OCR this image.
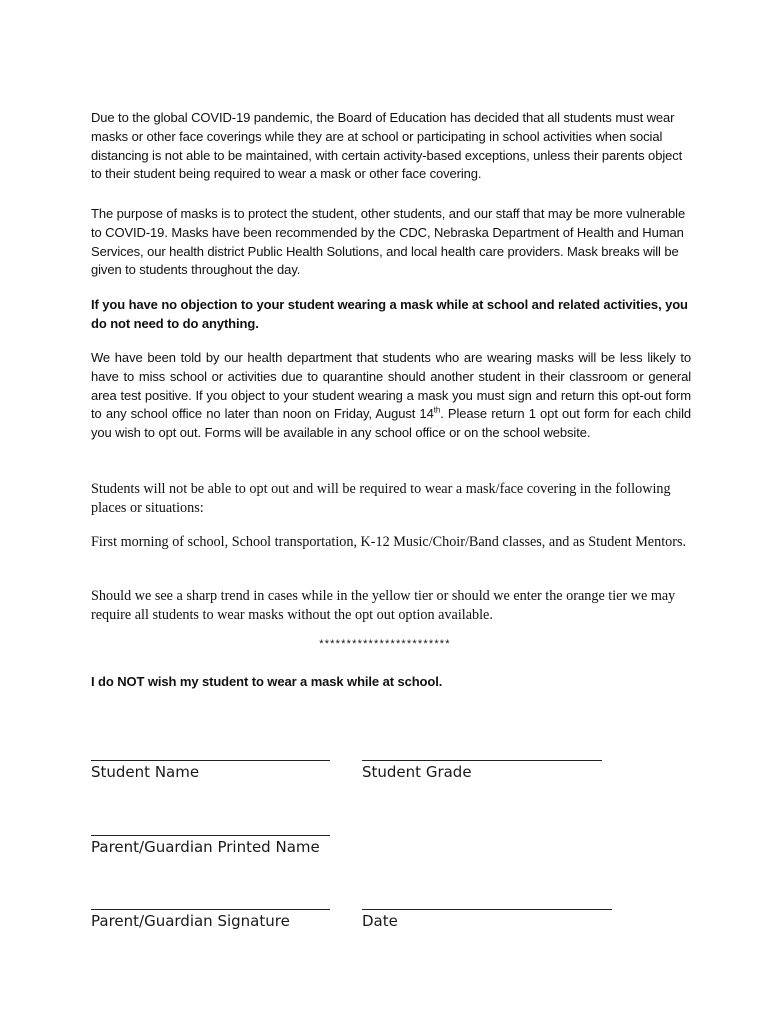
Due to the global COVID-19 pandemic, the Board of Education has decided that all students must wear masks or other face coverings while they are at school or participating in school activities when social distancing is not able to be maintained, with certain activity-based exceptions, unless their parents object to their student being required to wear a mask or other face covering.

The purpose of masks is to protect the student, other students, and our staff that may be more vulnerable to COVID-19. Masks have been recommended by the CDC, Nebraska Department of Health and Human Services, our health district Public Health Solutions, and local health care providers. Mask breaks will be given to students throughout the day.

If you have no objection to your student wearing a mask while at school and related activities, you do not need to do anything.

We have been told by our health department that students who are wearing masks will be less likely to have to miss school or activities due to quarantine should another student in their classroom or general area test positive. If you object to your student wearing a mask you must sign and return this opt-out form to any school office no later than noon on Friday, August 14th. Please return 1 opt out form for each child you wish to opt out. Forms will be available in any school office or on the school website.

Students will not be able to opt out and will be required to wear a mask/face covering in the following places or situations:

First morning of school, School transportation, K-12 Music/Choir/Band classes, and as Student Mentors.

Should we see a sharp trend in cases while in the yellow tier or should we enter the orange tier we may require all students to wear masks without the opt out option available.

************************

I do NOT wish my student to wear a mask while at school.

Student Name	Student Grade
Parent/Guardian Printed Name
Parent/Guardian Signature	Date
